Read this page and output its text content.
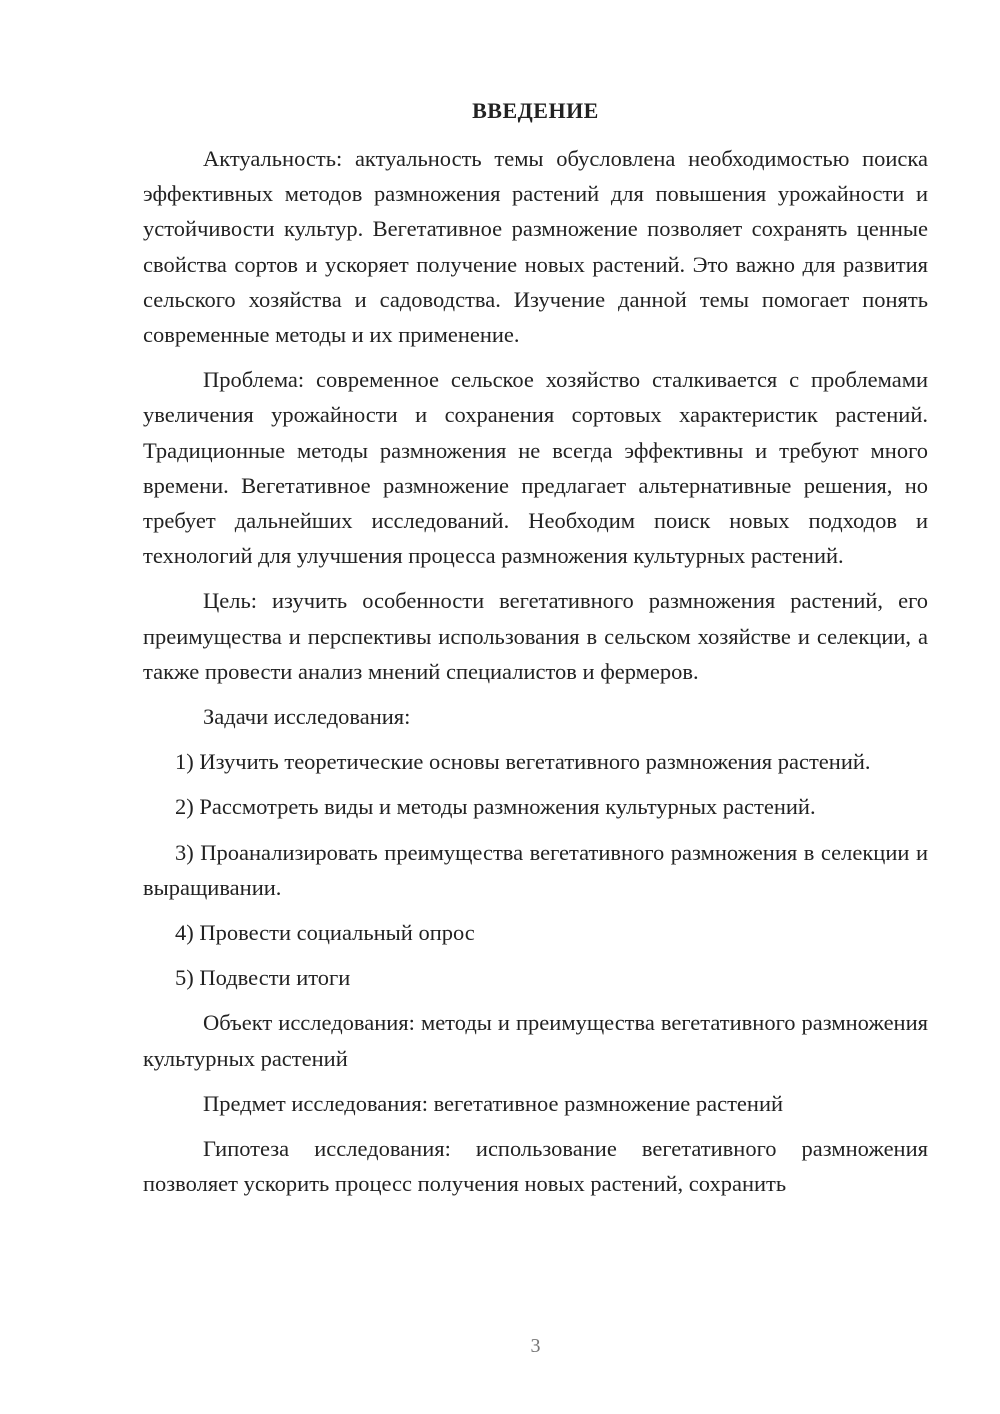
ВВЕДЕНИЕ

Актуальность: актуальность темы обусловлена необходимостью поиска эффективных методов размножения растений для повышения урожайности и устойчивости культур. Вегетативное размножение позволяет сохранять ценные свойства сортов и ускоряет получение новых растений. Это важно для развития сельского хозяйства и садоводства. Изучение данной темы помогает понять современные методы и их применение.

Проблема: современное сельское хозяйство сталкивается с проблемами увеличения урожайности и сохранения сортовых характеристик растений. Традиционные методы размножения не всегда эффективны и требуют много времени. Вегетативное размножение предлагает альтернативные решения, но требует дальнейших исследований. Необходим поиск новых подходов и технологий для улучшения процесса размножения культурных растений.

Цель: изучить особенности вегетативного размножения растений, его преимущества и перспективы использования в сельском хозяйстве и селекции, а также провести анализ мнений специалистов и фермеров.

Задачи исследования:

1) Изучить теоретические основы вегетативного размножения растений.

2) Рассмотреть виды и методы размножения культурных растений.

3) Проанализировать преимущества вегетативного размножения в селекции и выращивании.

4) Провести социальный опрос

5) Подвести итоги

Объект исследования: методы и преимущества вегетативного размножения культурных растений

Предмет исследования: вегетативное размножение растений

Гипотеза исследования: использование вегетативного размножения позволяет ускорить процесс получения новых растений, сохранить

3
